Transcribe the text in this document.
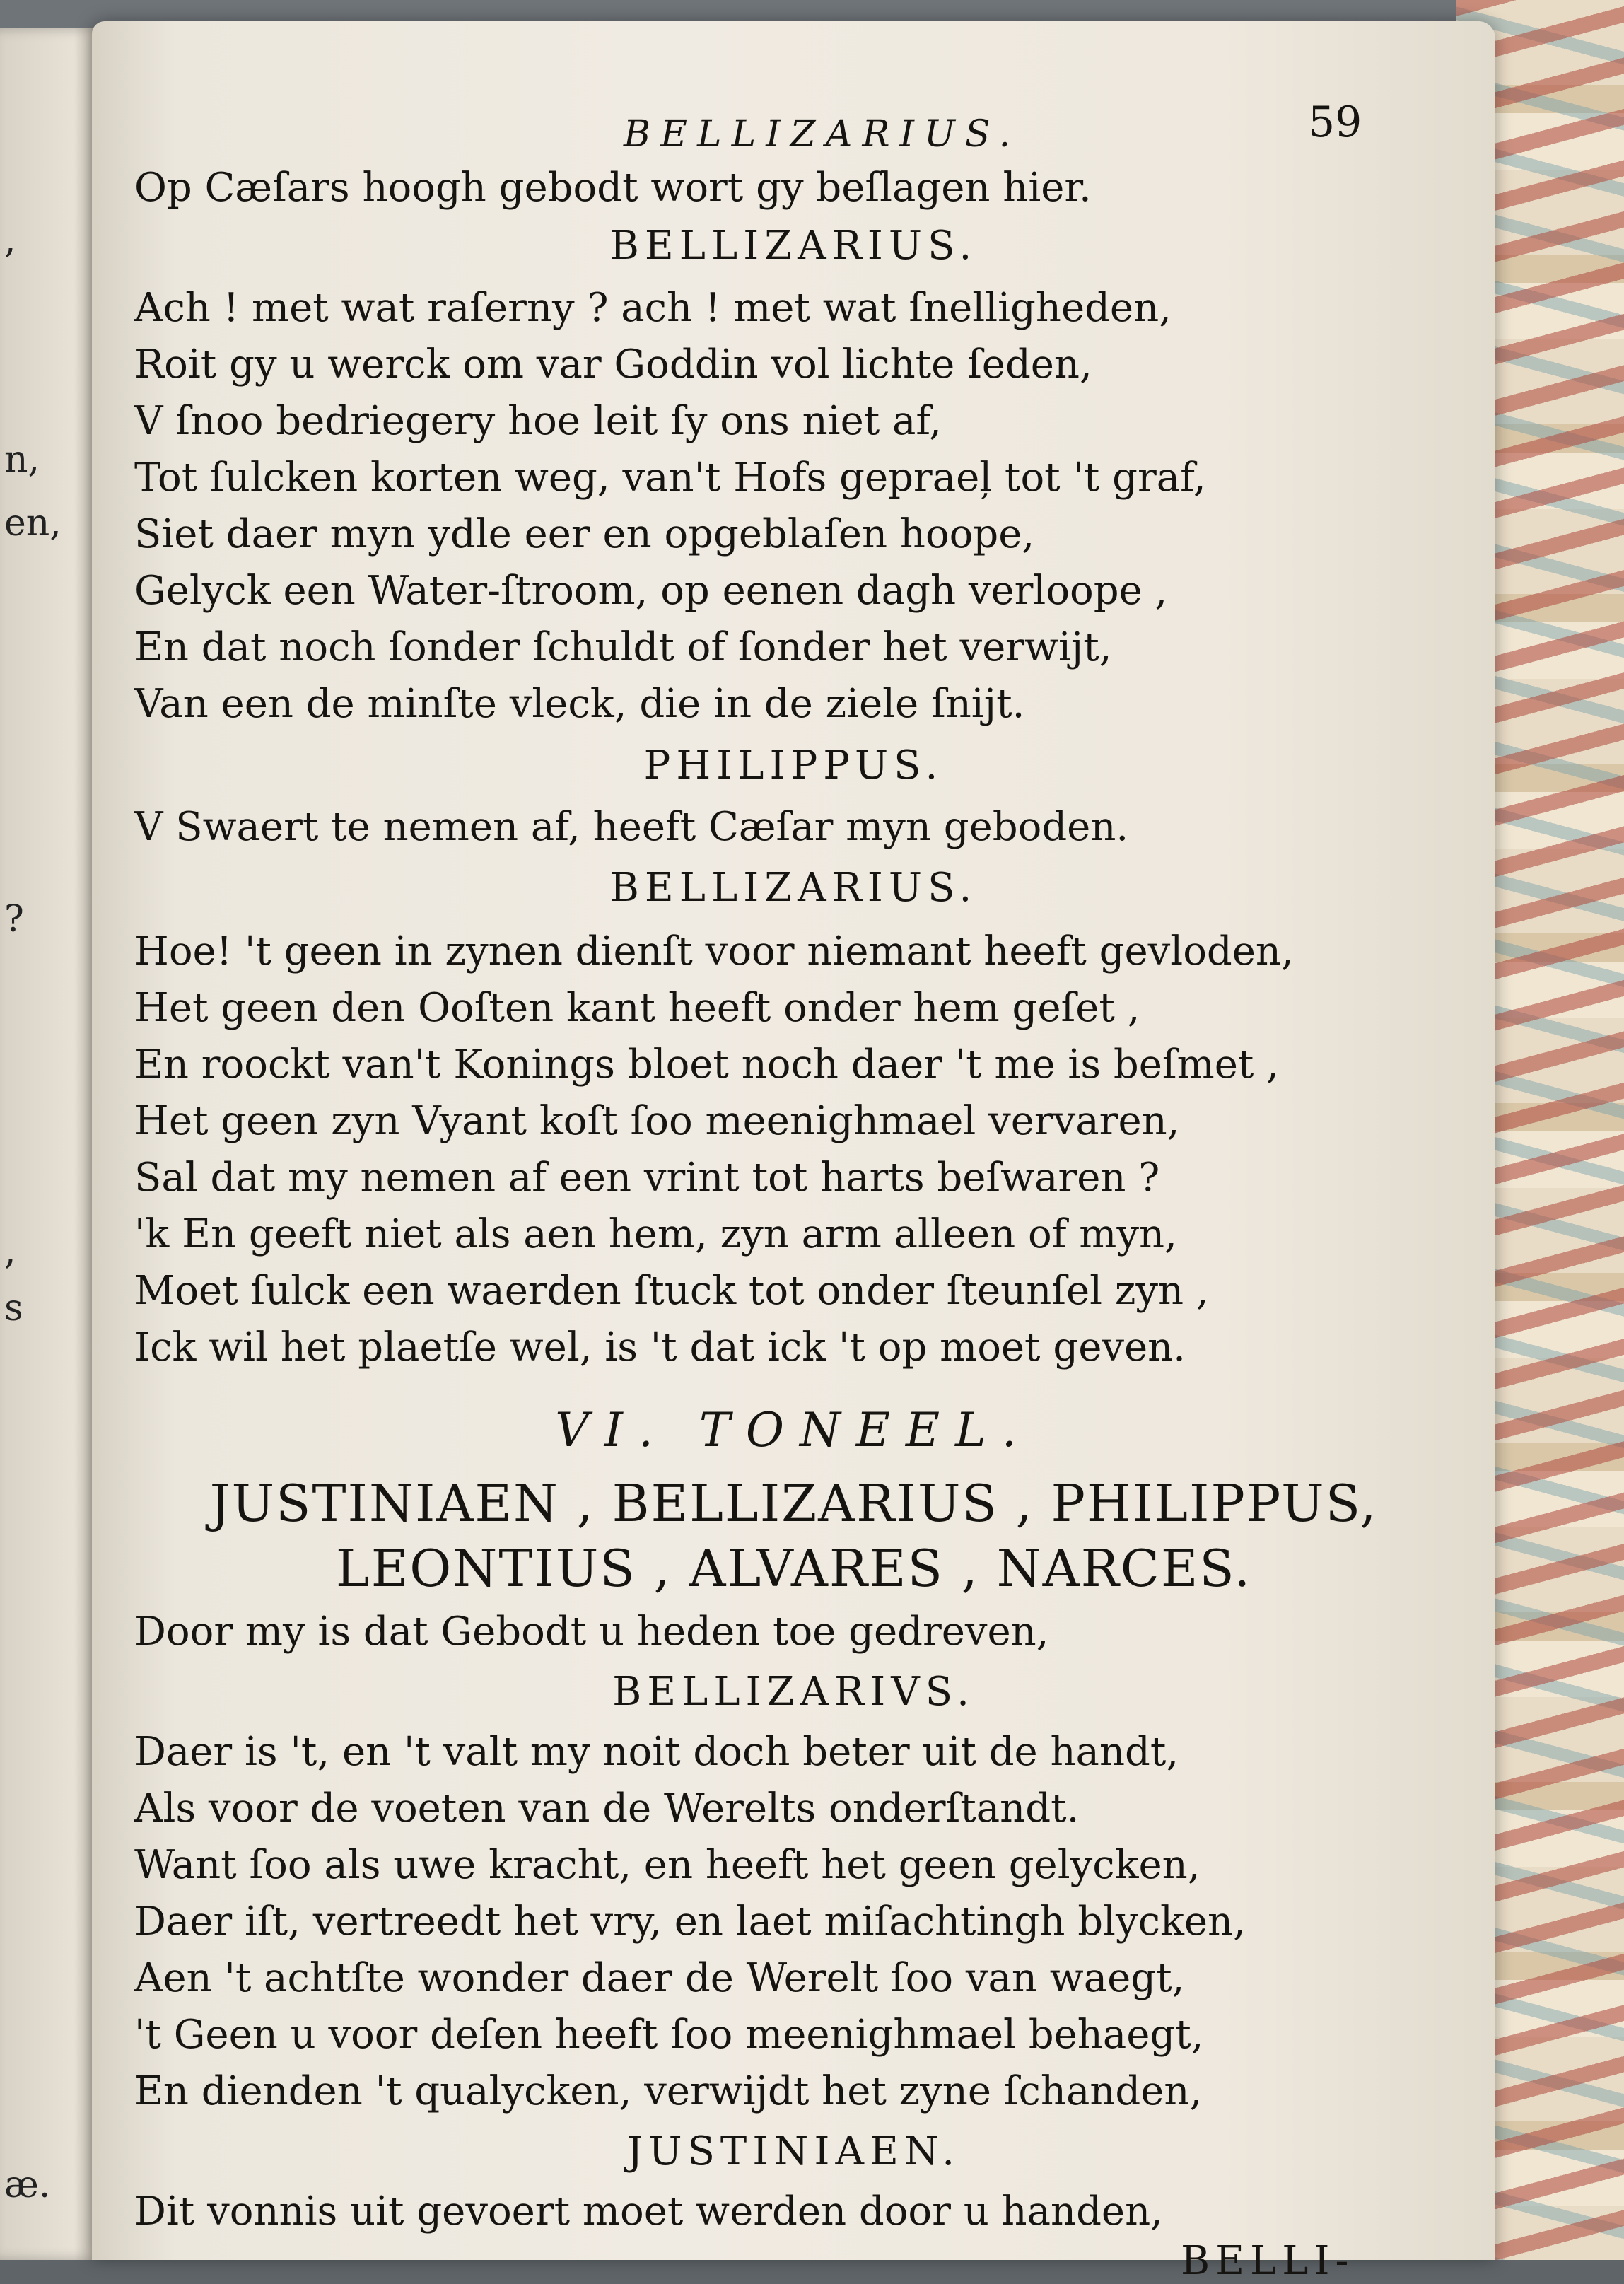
,
n,
en,
?
,
s
æ.
BELLIZARIUS.	59
Op Cæſars hoogh gebodt wort gy beſlagen hier.
BELLIZARIUS.
Ach ! met wat raſerny ? ach ! met wat ſnelligheden,
Roit gy u werck om var Goddin vol lichte ſeden,
V ſnoo bedriegery hoe leit ſy ons niet af,
Tot ſulcken korten weg, van't Hofs gepraeļ tot 't graf,
Siet daer myn ydle eer en opgeblaſen hoope,
Gelyck een Water-ſtroom, op eenen dagh verloope ,
En dat noch ſonder ſchuldt of ſonder het verwijt,
Van een de minſte vleck, die in de ziele ſnijt.
PHILIPPUS.
V Swaert te nemen af, heeft Cæſar myn geboden.
BELLIZARIUS.
Hoe! 't geen in zynen dienſt voor niemant heeft gevloden,
Het geen den Ooſten kant heeft onder hem geſet ,
En roockt van't Konings bloet noch daer 't me is beſmet ,
Het geen zyn Vyant koſt ſoo meenighmael vervaren,
Sal dat my nemen af een vrint tot harts beſwaren ?
'k En geeft niet als aen hem, zyn arm alleen of myn,
Moet ſulck een waerden ſtuck tot onder ſteunſel zyn ,
Ick wil het plaetſe wel, is 't dat ick 't op moet geven.
VI. TONEEL.
JUSTINIAEN , BELLIZARIUS , PHILIPPUS,
LEONTIUS , ALVARES , NARCES.
Door my is dat Gebodt u heden toe gedreven,
BELLIZARIVS.
Daer is 't, en 't valt my noit doch beter uit de handt,
Als voor de voeten van de Werelts onderſtandt.
Want ſoo als uwe kracht, en heeft het geen gelycken,
Daer iſt, vertreedt het vry, en laet miſachtingh blycken,
Aen 't achtſte wonder daer de Werelt ſoo van waegt,
't Geen u voor deſen heeft ſoo meenighmael behaegt,
En dienden 't qualycken, verwijdt het zyne ſchanden,
JUSTINIAEN.
Dit vonnis uit gevoert moet werden door u handen,
BELLI-
